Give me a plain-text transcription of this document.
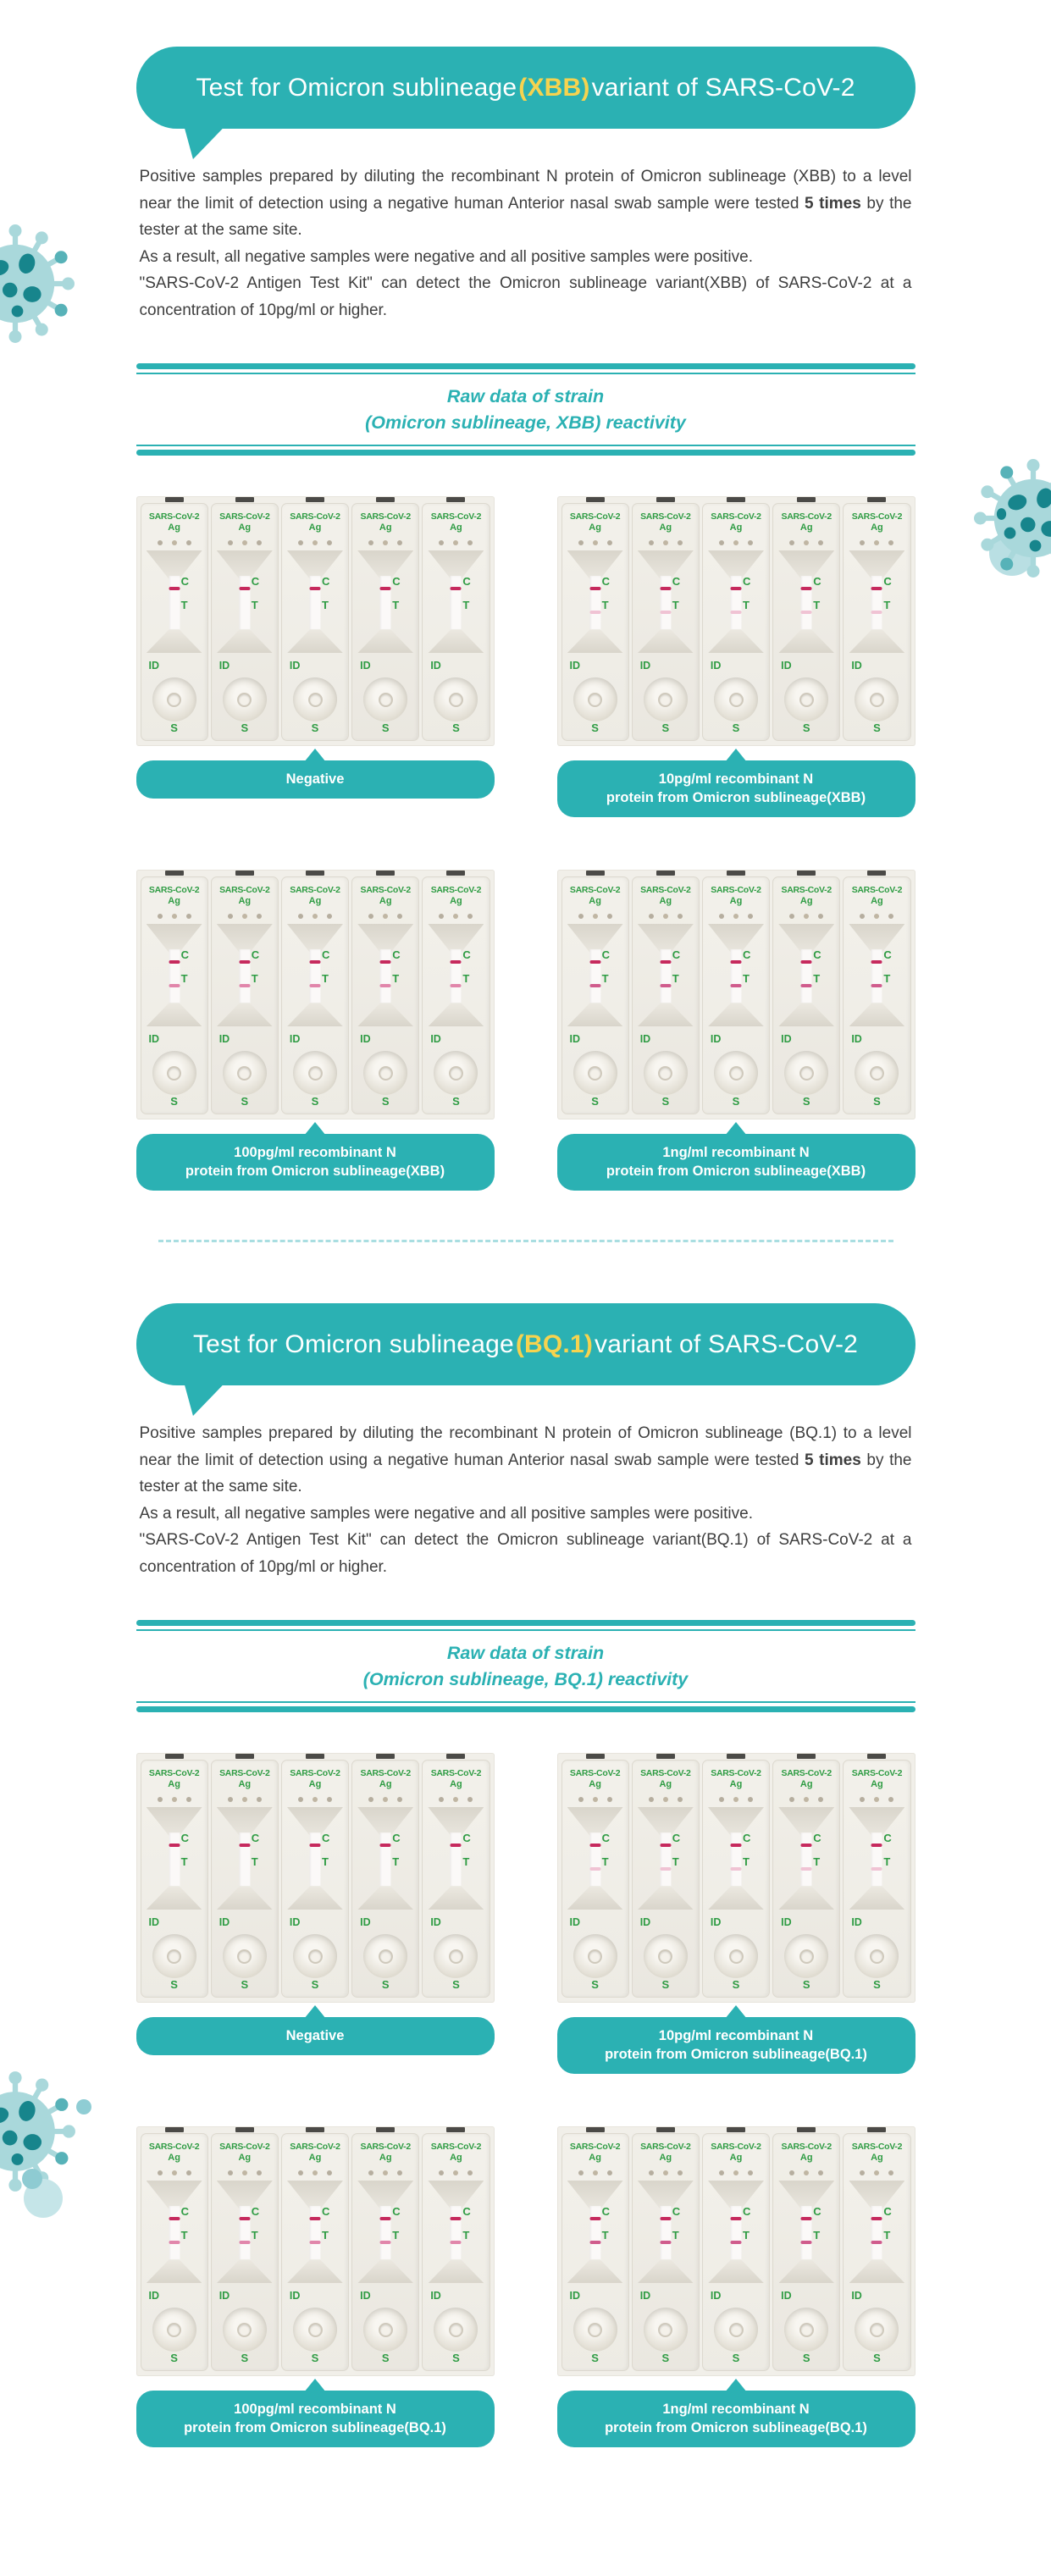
Test for Omicron sublineage (XBB) variant of SARS-CoV-2

Positive samples prepared by diluting the recombinant N protein of Omicron sublineage (XBB) to a level near the limit of detection using a negative human Anterior nasal swab sample were tested 5 times by the tester at the same site.

As a result, all negative samples were negative and all positive samples were positive.

"SARS-CoV-2 Antigen Test Kit" can detect the Omicron sublineage variant(XBB) of SARS-CoV-2 at a concentration of 10pg/ml or higher.

Raw data of strain
(Omicron sublineage, XBB) reactivity
SARS-CoV-2
Ag
C
T
ID
S
SARS-CoV-2
Ag
C
T
ID
S
SARS-CoV-2
Ag
C
T
ID
S
SARS-CoV-2
Ag
C
T
ID
S
SARS-CoV-2
Ag
C
T
ID
S
Negative
SARS-CoV-2
Ag
C
T
ID
S
SARS-CoV-2
Ag
C
T
ID
S
SARS-CoV-2
Ag
C
T
ID
S
SARS-CoV-2
Ag
C
T
ID
S
SARS-CoV-2
Ag
C
T
ID
S
10pg/ml recombinant N
protein from Omicron sublineage(XBB)
SARS-CoV-2
Ag
C
T
ID
S
SARS-CoV-2
Ag
C
T
ID
S
SARS-CoV-2
Ag
C
T
ID
S
SARS-CoV-2
Ag
C
T
ID
S
SARS-CoV-2
Ag
C
T
ID
S
100pg/ml recombinant N
protein from Omicron sublineage(XBB)
SARS-CoV-2
Ag
C
T
ID
S
SARS-CoV-2
Ag
C
T
ID
S
SARS-CoV-2
Ag
C
T
ID
S
SARS-CoV-2
Ag
C
T
ID
S
SARS-CoV-2
Ag
C
T
ID
S
1ng/ml recombinant N
protein from Omicron sublineage(XBB)
Test for Omicron sublineage (BQ.1) variant of SARS-CoV-2

Positive samples prepared by diluting the recombinant N protein of Omicron sublineage (BQ.1) to a level near the limit of detection using a negative human Anterior nasal swab sample were tested 5 times by the tester at the same site.

As a result, all negative samples were negative and all positive samples were positive.

"SARS-CoV-2 Antigen Test Kit" can detect the Omicron sublineage variant(BQ.1) of SARS-CoV-2 at a concentration of 10pg/ml or higher.

Raw data of strain
(Omicron sublineage, BQ.1) reactivity
SARS-CoV-2
Ag
C
T
ID
S
SARS-CoV-2
Ag
C
T
ID
S
SARS-CoV-2
Ag
C
T
ID
S
SARS-CoV-2
Ag
C
T
ID
S
SARS-CoV-2
Ag
C
T
ID
S
Negative
SARS-CoV-2
Ag
C
T
ID
S
SARS-CoV-2
Ag
C
T
ID
S
SARS-CoV-2
Ag
C
T
ID
S
SARS-CoV-2
Ag
C
T
ID
S
SARS-CoV-2
Ag
C
T
ID
S
10pg/ml recombinant N
protein from Omicron sublineage(BQ.1)
SARS-CoV-2
Ag
C
T
ID
S
SARS-CoV-2
Ag
C
T
ID
S
SARS-CoV-2
Ag
C
T
ID
S
SARS-CoV-2
Ag
C
T
ID
S
SARS-CoV-2
Ag
C
T
ID
S
100pg/ml recombinant N
protein from Omicron sublineage(BQ.1)
SARS-CoV-2
Ag
C
T
ID
S
SARS-CoV-2
Ag
C
T
ID
S
SARS-CoV-2
Ag
C
T
ID
S
SARS-CoV-2
Ag
C
T
ID
S
SARS-CoV-2
Ag
C
T
ID
S
1ng/ml recombinant N
protein from Omicron sublineage(BQ.1)
